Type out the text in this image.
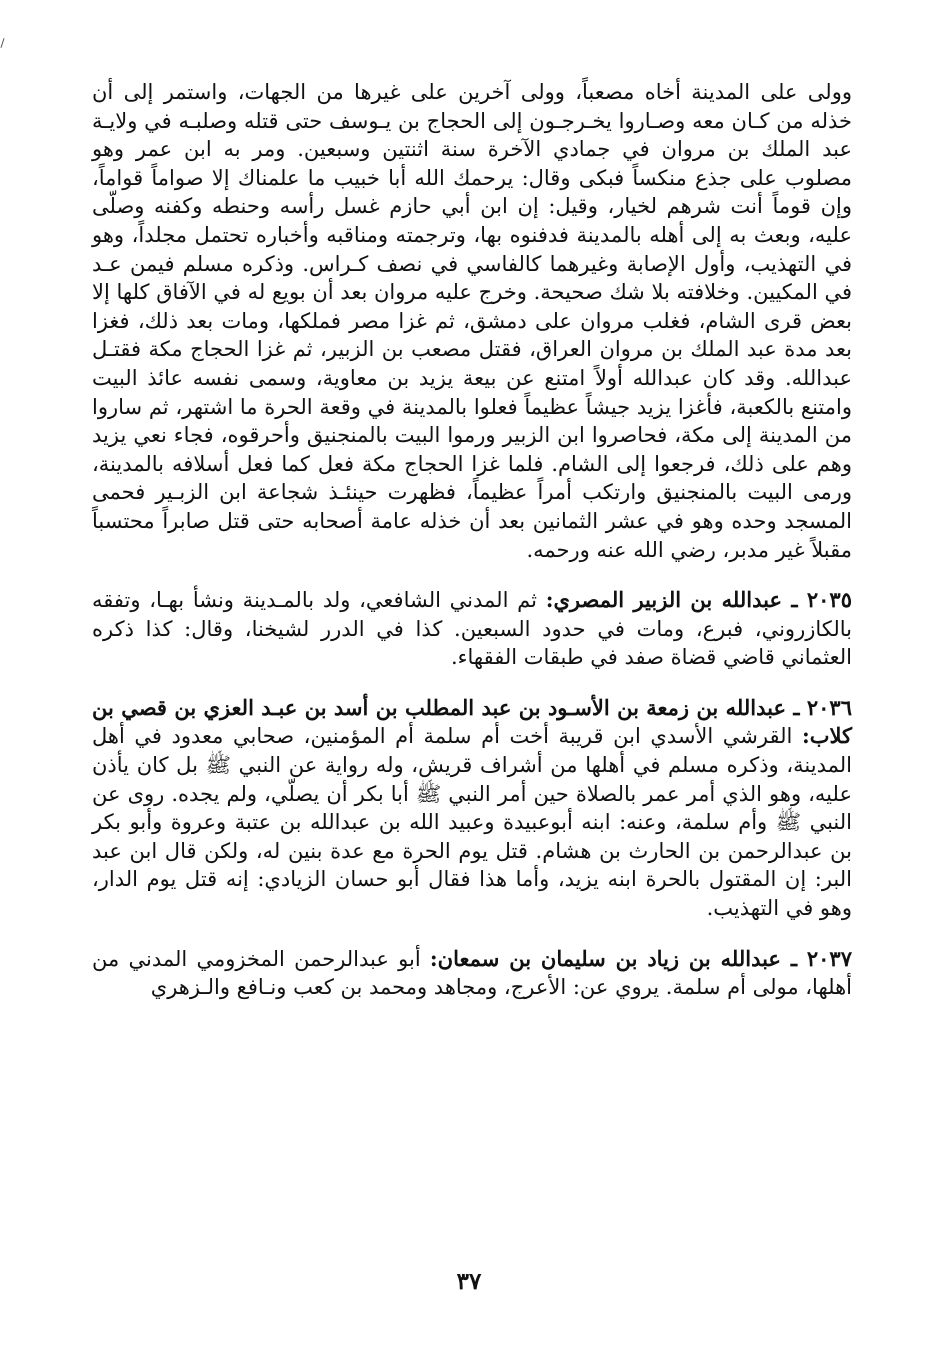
وولى على المدينة أخاه مصعباً، وولى آخرين على غيرها من الجهات، واستمر إلى أن خذله من كـان معه وصـاروا يخـرجـون إلى الحجاج بن يـوسف حتى قتله وصلبـه في ولايـة عبد الملك بن مروان في جمادي الآخرة سنة اثنتين وسبعين. ومر به ابن عمر وهو مصلوب على جذع منكساً فبكى وقال: يرحمك الله أبا خبيب ما علمناك إلا صواماً قواماً، وإن قوماً أنت شرهم لخيار، وقيل: إن ابن أبي حازم غسل رأسه وحنطه وكفنه وصلّى عليه، وبعث به إلى أهله بالمدينة فدفنوه بها، وترجمته ومناقبه وأخباره تحتمل مجلداً، وهو في التهذيب، وأول الإصابة وغيرهما كالفاسي في نصف كـراس. وذكره مسلم فيمن عـد في المكيين. وخلافته بلا شك صحيحة. وخرج عليه مروان بعد أن بويع له في الآفاق كلها إلا بعض قرى الشام، فغلب مروان على دمشق، ثم غزا مصر فملكها، ومات بعد ذلك، فغزا بعد مدة عبد الملك بن مروان العراق، فقتل مصعب بن الزبير، ثم غزا الحجاج مكة فقتـل عبدالله. وقد كان عبدالله أولاً امتنع عن بيعة يزيد بن معاوية، وسمى نفسه عائذ البيت وامتنع بالكعبة، فأغزا يزيد جيشاً عظيماً فعلوا بالمدينة في وقعة الحرة ما اشتهر، ثم ساروا من المدينة إلى مكة، فحاصروا ابن الزبير ورموا البيت بالمنجنيق وأحرقوه، فجاء نعي يزيد وهم على ذلك، فرجعوا إلى الشام. فلما غزا الحجاج مكة فعل كما فعل أسلافه بالمدينة، ورمى البيت بالمنجنيق وارتكب أمراً عظيماً، فظهرت حينئـذ شجاعة ابن الزبـير فحمى المسجد وحده وهو في عشر الثمانين بعد أن خذله عامة أصحابه حتى قتل صابراً محتسباً مقبلاً غير مدبر، رضي الله عنه ورحمه.

٢٠٣٥ ـ عبدالله بن الزبير المصري: ثم المدني الشافعي، ولد بالمـدينة ونشأ بهـا، وتفقه بالكازروني، فبرع، ومات في حدود السبعين. كذا في الدرر لشيخنا، وقال: كذا ذكره العثماني قاضي قضاة صفد في طبقات الفقهاء.

٢٠٣٦ ـ عبدالله بن زمعة بن الأسـود بن عبد المطلب بن أسد بن عبـد العزي بن قصي بن كلاب: القرشي الأسدي ابن قريبة أخت أم سلمة أم المؤمنين، صحابي معدود في أهل المدينة، وذكره مسلم في أهلها من أشراف قريش، وله رواية عن النبي ﷺ بل كان يأذن عليه، وهو الذي أمر عمر بالصلاة حين أمر النبي ﷺ أبا بكر أن يصلّي، ولم يجده. روى عن النبي ﷺ وأم سلمة، وعنه: ابنه أبوعبيدة وعبيد الله بن عبدالله بن عتبة وعروة وأبو بكر بن عبدالرحمن بن الحارث بن هشام. قتل يوم الحرة مع عدة بنين له، ولكن قال ابن عبد البر: إن المقتول بالحرة ابنه يزيد، وأما هذا فقال أبو حسان الزيادي: إنه قتل يوم الدار، وهو في التهذيب.

٢٠٣٧ ـ عبدالله بن زياد بن سليمان بن سمعان: أبو عبدالرحمن المخزومي المدني من أهلها، مولى أم سلمة. يروي عن: الأعرج، ومجاهد ومحمد بن كعب ونـافع والـزهري

٣٧
